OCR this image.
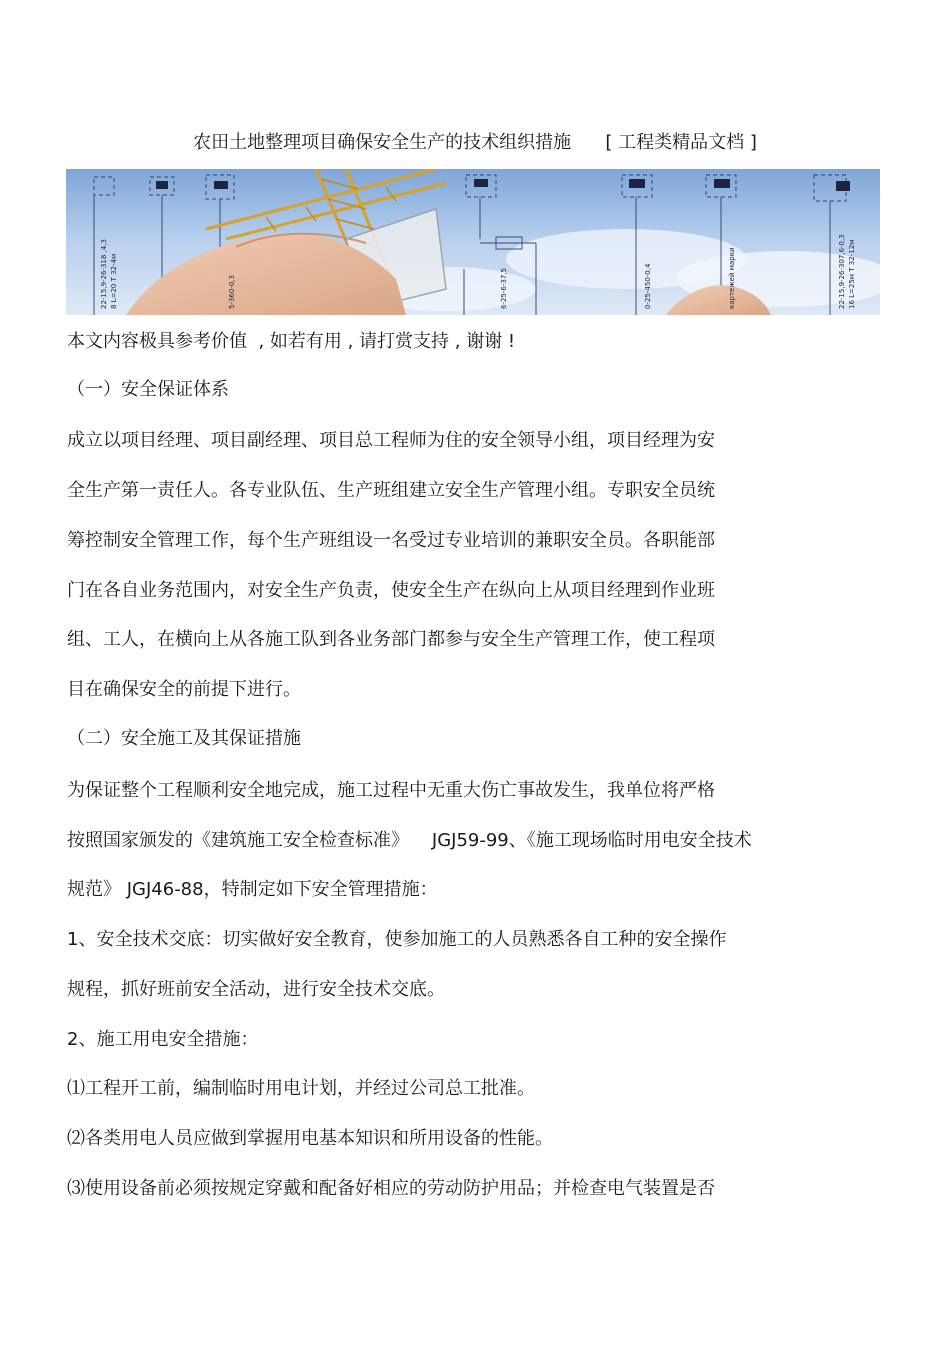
农田土地整理项目确保安全生产的技术组织措施      [ 工程类精品文档 ]
22-15,9-26-318 ,4,3 8 L=20 T 32-4м	5-360-0,3	6-25-6-37,5	0-25-450-0,4	картежей марки	22-15,9-26-307,6-0,3 16 L=25м T 32-12м
本文内容极具参考价值  , 如若有用 , 请打赏支持 , 谢谢 !
（一）安全保证体系
成立以项目经理、项目副经理、项目总工程师为住的安全领导小组，项目经理为安
全生产第一责任人。各专业队伍、生产班组建立安全生产管理小组。专职安全员统
筹控制安全管理工作，每个生产班组设一名受过专业培训的兼职安全员。各职能部
门在各自业务范围内，对安全生产负责，使安全生产在纵向上从项目经理到作业班
组、工人，在横向上从各施工队到各业务部门都参与安全生产管理工作，使工程项
目在确保安全的前提下进行。
（二）安全施工及其保证措施
为保证整个工程顺利安全地完成，施工过程中无重大伤亡事故发生，我单位将严格
按照国家颁发的《建筑施工安全检查标准》    JGJ59-99、《施工现场临时用电安全技术
规范》 JGJ46-88，特制定如下安全管理措施：
1、安全技术交底：切实做好安全教育，使参加施工的人员熟悉各自工种的安全操作
规程，抓好班前安全活动，进行安全技术交底。
2、施工用电安全措施：
⑴工程开工前，编制临时用电计划，并经过公司总工批准。
⑵各类用电人员应做到掌握用电基本知识和所用设备的性能。
⑶使用设备前必须按规定穿戴和配备好相应的劳动防护用品；并检查电气装置是否
